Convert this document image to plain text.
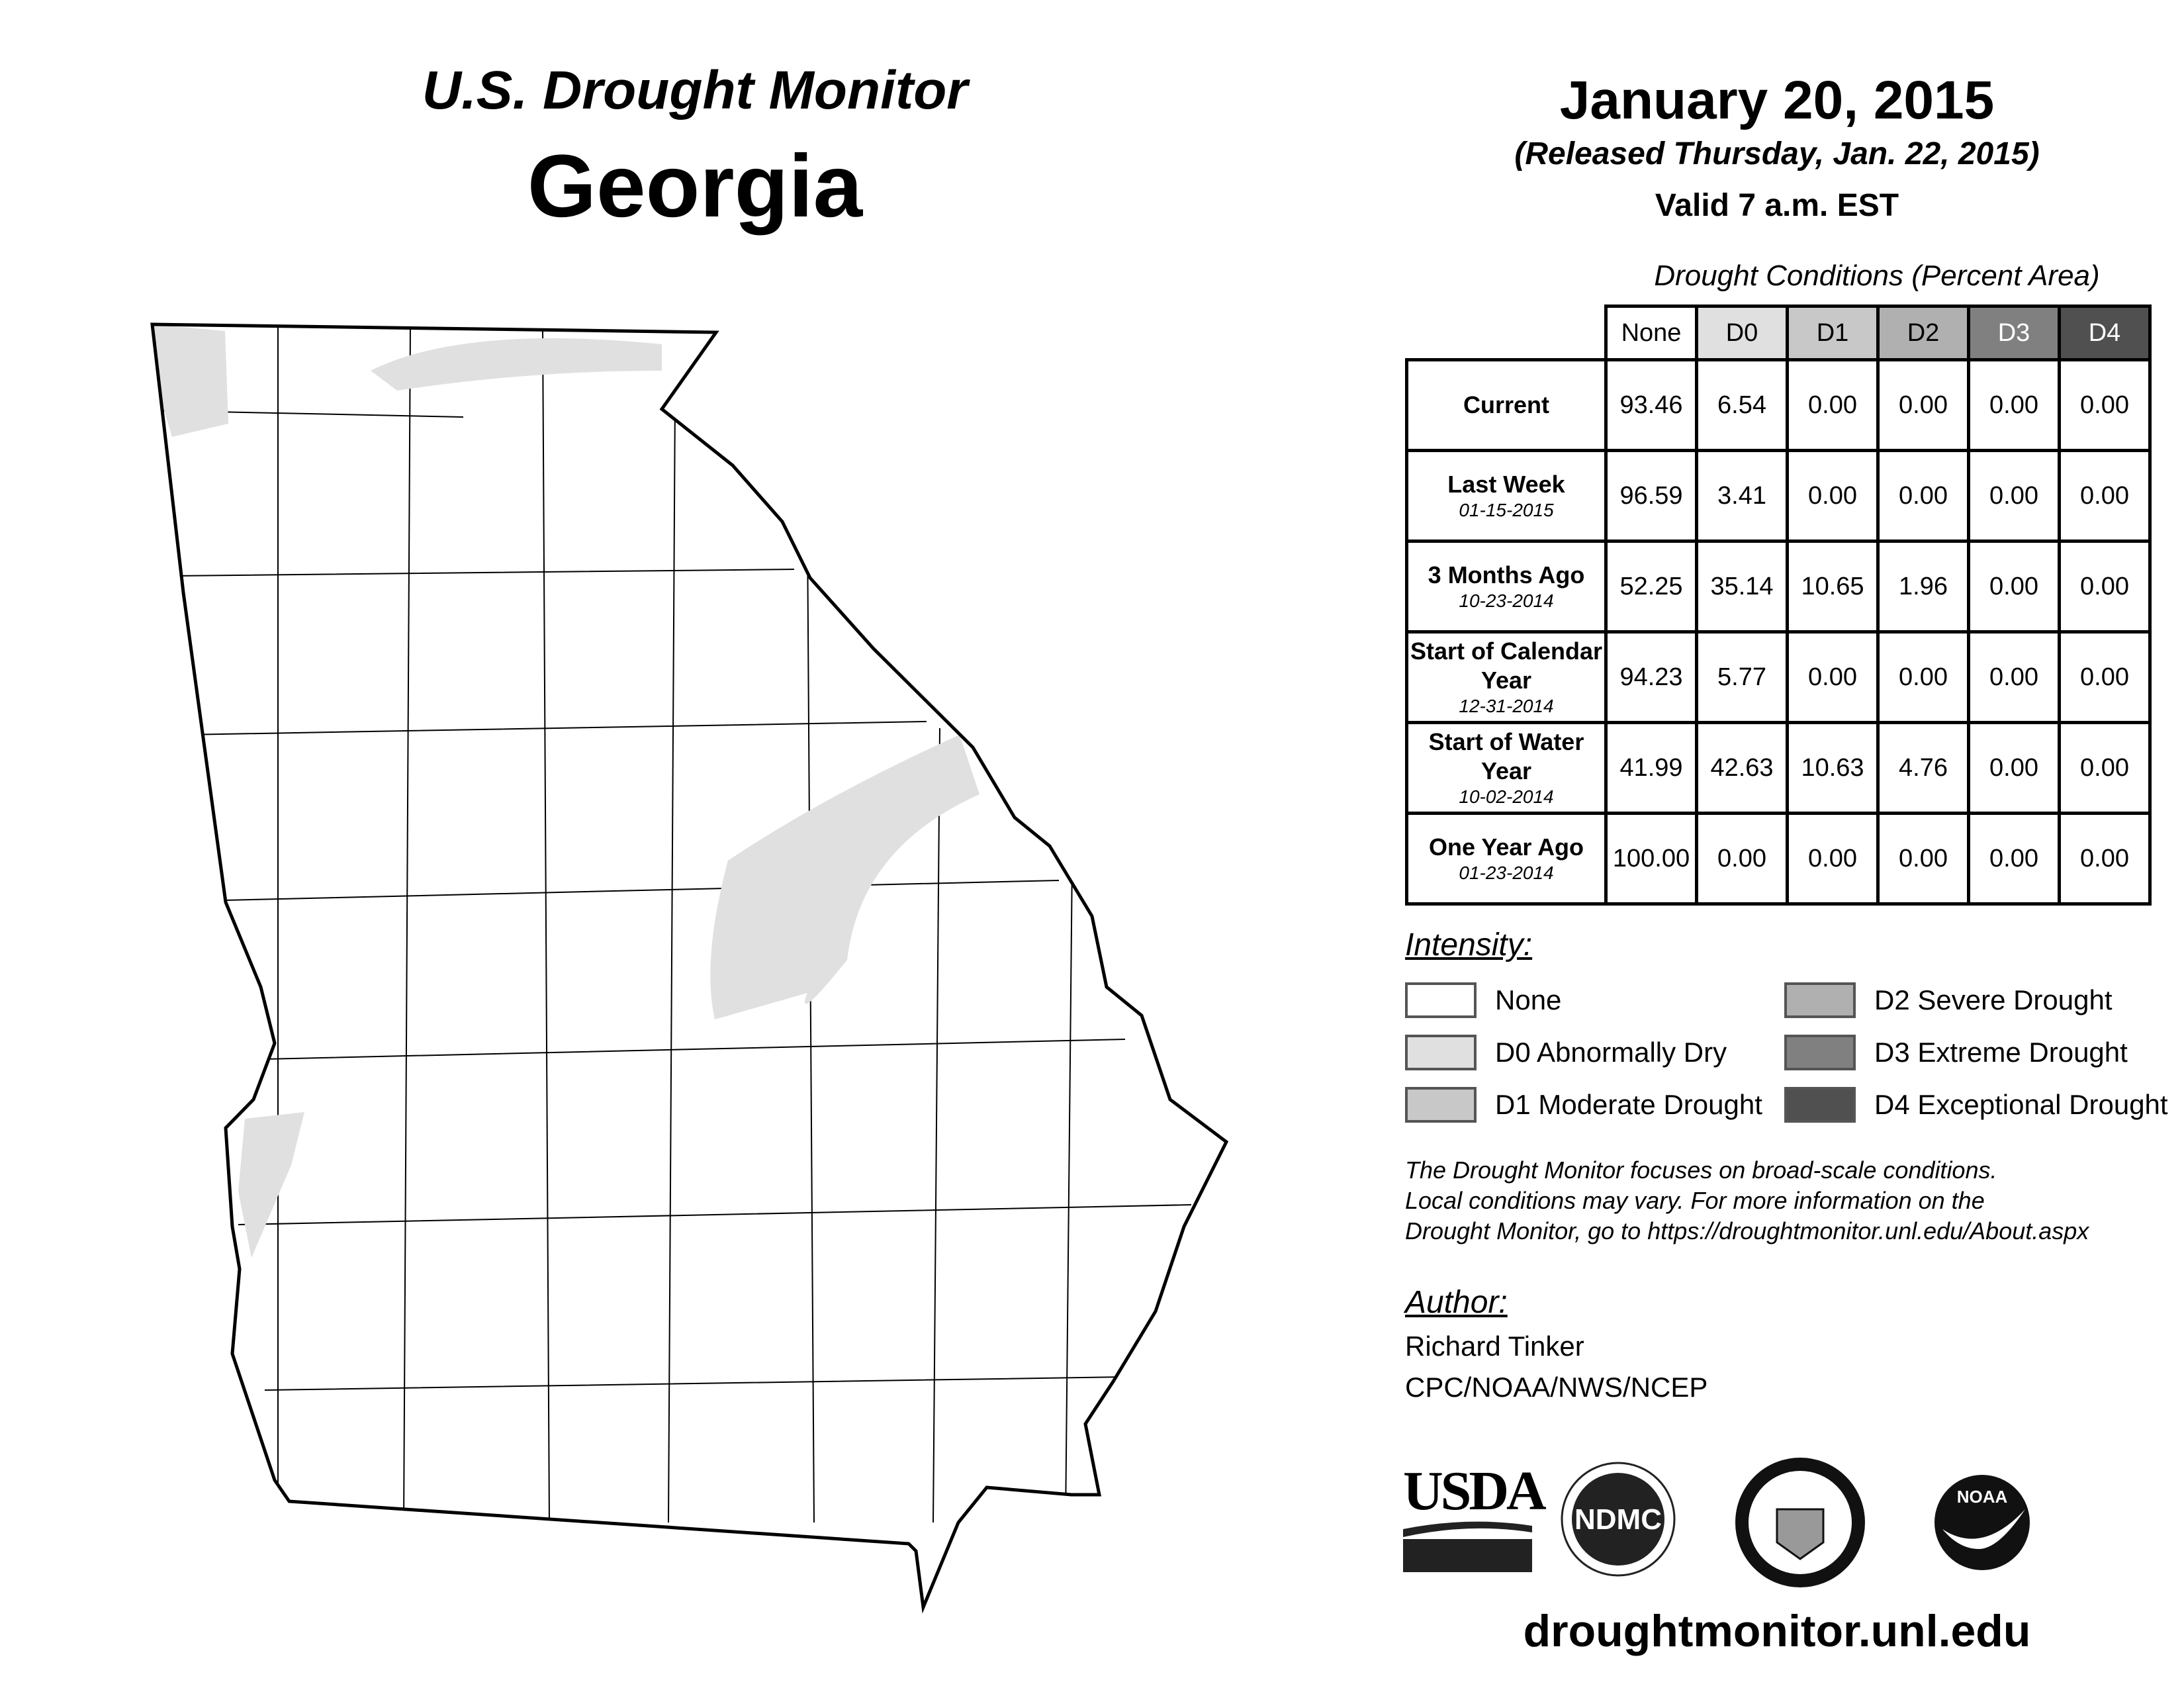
U.S. Drought Monitor
Georgia
January 20, 2015
(Released Thursday, Jan. 22, 2015)
Valid 7 a.m. EST
Drought Conditions (Percent Area)
	None	D0	D1	D2	D3	D4
Current	93.46	6.54	0.00	0.00	0.00	0.00
Last Week
01-15-2015	96.59	3.41	0.00	0.00	0.00	0.00
3 Months Ago
10-23-2014	52.25	35.14	10.65	1.96	0.00	0.00
Start of Calendar Year
12-31-2014	94.23	5.77	0.00	0.00	0.00	0.00
Start of Water Year
10-02-2014	41.99	42.63	10.63	4.76	0.00	0.00
One Year Ago
01-23-2014	100.00	0.00	0.00	0.00	0.00	0.00
Intensity:
None
D0 Abnormally Dry
D1 Moderate Drought
D2 Severe Drought
D3 Extreme Drought
D4 Exceptional Drought
The Drought Monitor focuses on broad-scale conditions.
Local conditions may vary. For more information on the
Drought Monitor, go to https://droughtmonitor.unl.edu/About.aspx
Author:
Richard Tinker
CPC/NOAA/NWS/NCEP
USDA NDMC
NOAA
droughtmonitor.unl.edu
